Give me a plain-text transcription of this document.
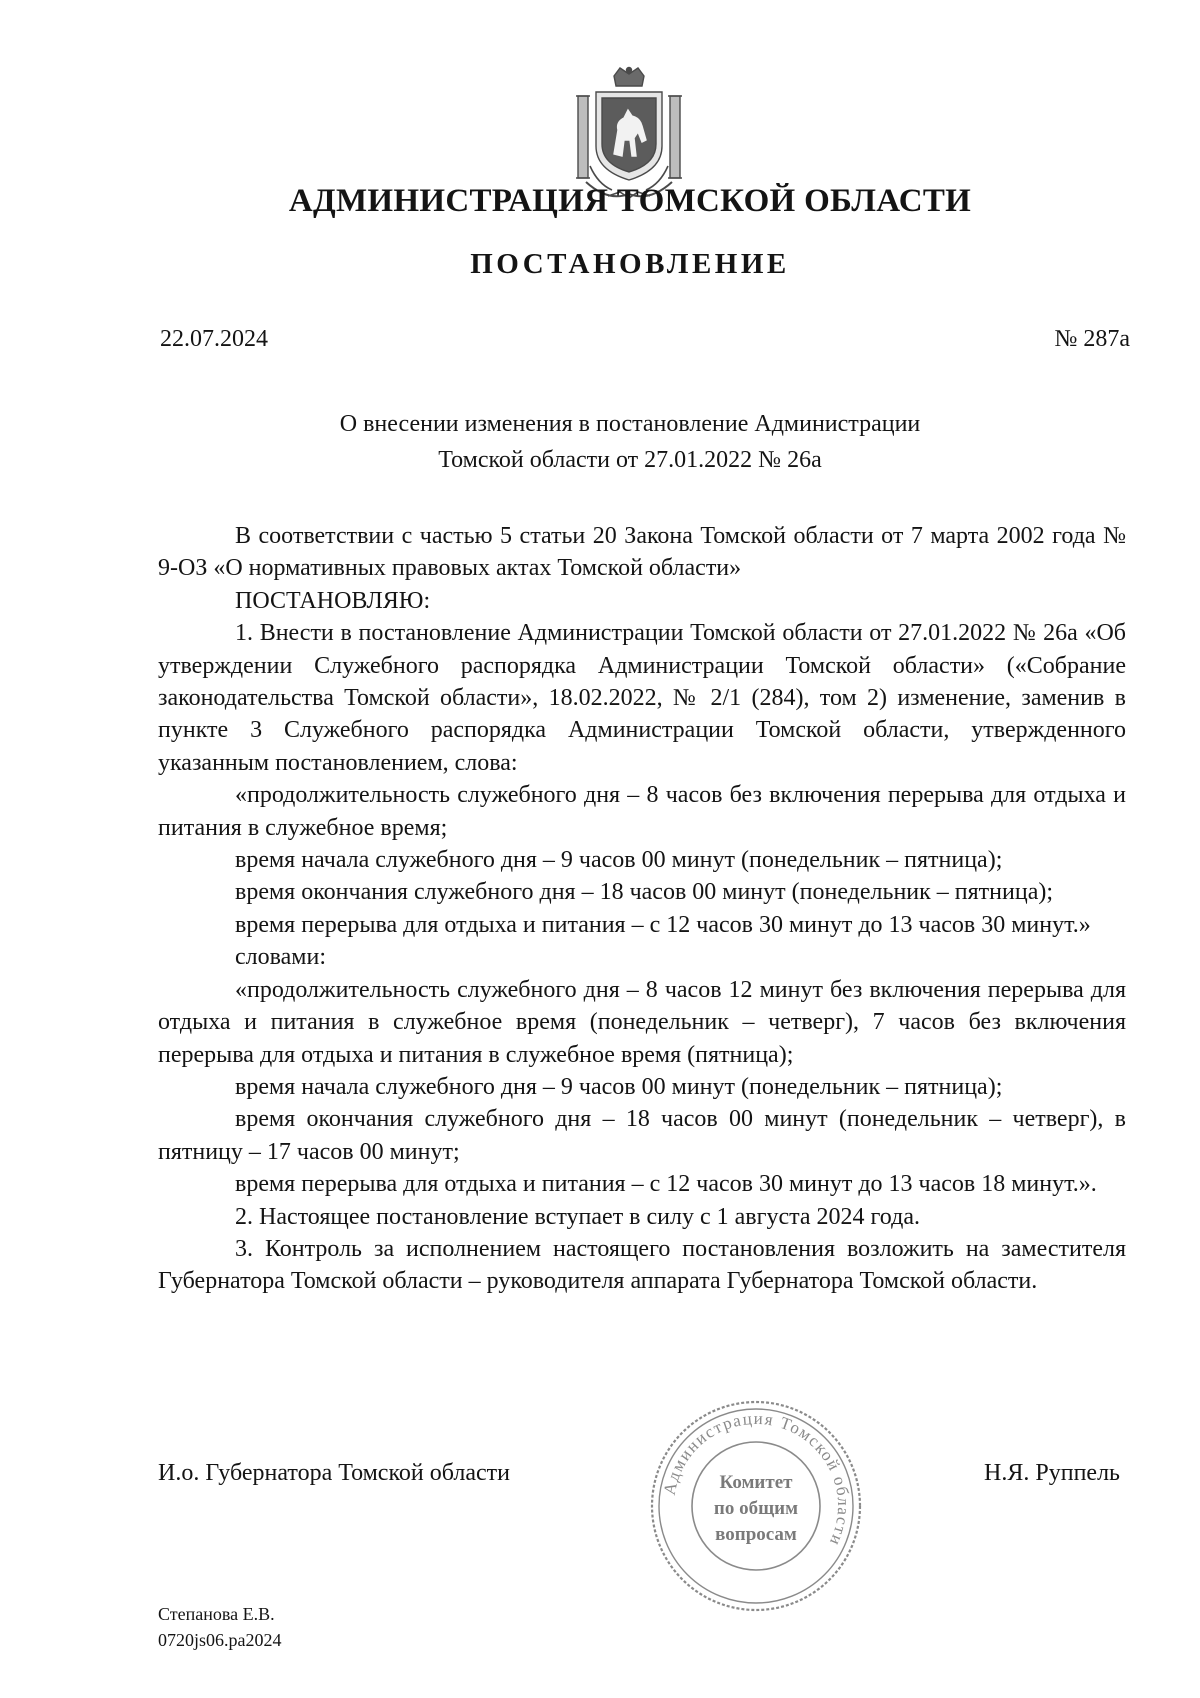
АДМИНИСТРАЦИЯ ТОМСКОЙ ОБЛАСТИ
ПОСТАНОВЛЕНИЕ
22.07.2024	№ 287а
О внесении изменения в постановление Администрации
Томской области от 27.01.2022 № 26а

В соответствии с частью 5 статьи 20 Закона Томской области от 7 марта 2002 года № 9-ОЗ «О нормативных правовых актах Томской области»

ПОСТАНОВЛЯЮ:

1. Внести в постановление Администрации Томской области от 27.01.2022 № 26а «Об утверждении Служебного распорядка Администрации Томской области» («Собрание законодательства Томской области», 18.02.2022, № 2/1 (284), том 2) изменение, заменив в пункте 3 Служебного распорядка Администрации Томской области, утвержденного указанным постановлением, слова:

«продолжительность служебного дня – 8 часов без включения перерыва для отдыха и питания в служебное время;

время начала служебного дня – 9 часов 00 минут (понедельник – пятница);

время окончания служебного дня – 18 часов 00 минут (понедельник – пятница);

время перерыва для отдыха и питания – с 12 часов 30 минут до 13 часов 30 минут.»

словами:

«продолжительность служебного дня – 8 часов 12 минут без включения перерыва для отдыха и питания в служебное время (понедельник – четверг), 7 часов без включения перерыва для отдыха и питания в служебное время (пятница);

время начала служебного дня – 9 часов 00 минут (понедельник – пятница);

время окончания служебного дня – 18 часов 00 минут (понедельник – четверг), в пятницу – 17 часов 00 минут;

время перерыва для отдыха и питания – с 12 часов 30 минут до 13 часов 18 минут.».

2. Настоящее постановление вступает в силу с 1 августа 2024 года.

3. Контроль за исполнением настоящего постановления возложить на заместителя Губернатора Томской области – руководителя аппарата Губернатора Томской области.

И.о. Губернатора Томской области	Н.Я. Руппель
Администрация Томской области
Комитет
по общим
вопросам
Степанова Е.В.
0720js06.ра2024
